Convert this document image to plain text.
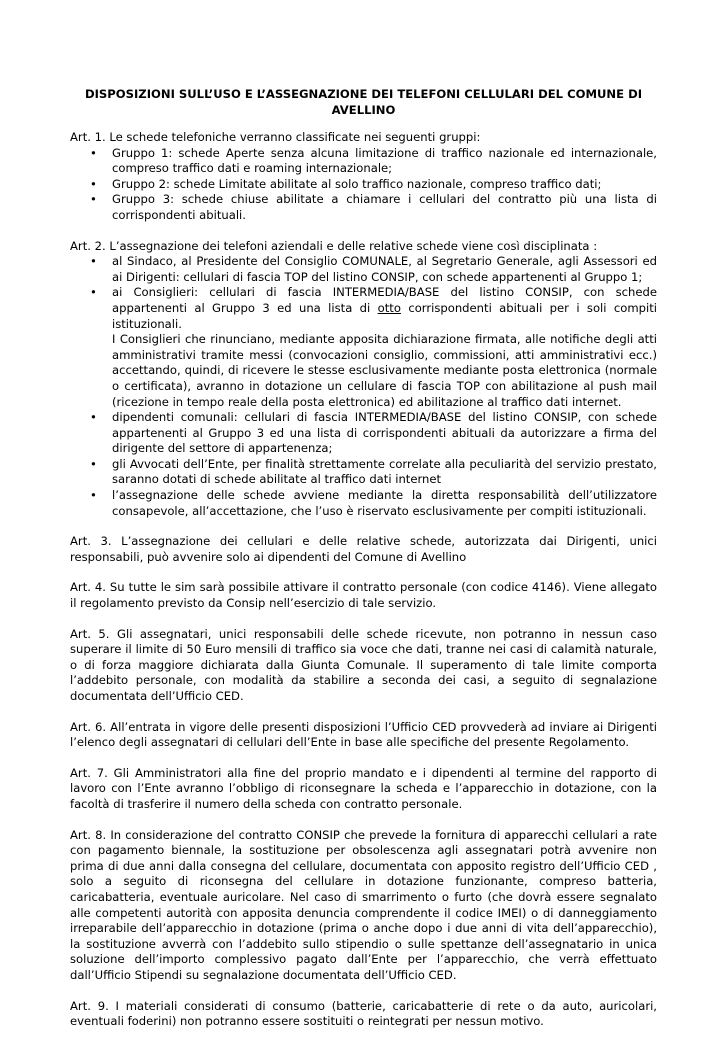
DISPOSIZIONI SULL’USO E L’ASSEGNAZIONE DEI TELEFONI CELLULARI DEL COMUNE DI AVELLINO

Art. 1. Le schede telefoniche verranno classificate nei seguenti gruppi:

• Gruppo 1: schede Aperte senza alcuna limitazione di traffico nazionale ed internazionale, compreso traffico dati e roaming internazionale;
• Gruppo 2: schede Limitate abilitate al solo traffico nazionale, compreso traffico dati;
• Gruppo 3: schede chiuse abilitate a chiamare i cellulari del contratto più una lista di corrispondenti abituali.

Art. 2. L’assegnazione dei telefoni aziendali e delle relative schede viene così disciplinata :

• al Sindaco, al Presidente del Consiglio COMUNALE, al Segretario Generale, agli Assessori ed ai Dirigenti: cellulari di fascia TOP del listino CONSIP, con schede appartenenti al Gruppo 1;
• ai Consiglieri: cellulari di fascia INTERMEDIA/BASE del listino CONSIP, con schede appartenenti al Gruppo 3 ed una lista di otto corrispondenti abituali per i soli compiti istituzionali.
I Consiglieri che rinunciano, mediante apposita dichiarazione firmata, alle notifiche degli atti amministrativi tramite messi (convocazioni consiglio, commissioni, atti amministrativi ecc.) accettando, quindi, di ricevere le stesse esclusivamente mediante posta elettronica (normale o certificata), avranno in dotazione un cellulare di fascia TOP con abilitazione al push mail (ricezione in tempo reale della posta elettronica) ed abilitazione al traffico dati internet.
• dipendenti comunali: cellulari di fascia INTERMEDIA/BASE del listino CONSIP, con schede appartenenti al Gruppo 3 ed una lista di corrispondenti abituali da autorizzare a firma del dirigente del settore di appartenenza;
• gli Avvocati dell’Ente, per finalità strettamente correlate alla peculiarità del servizio prestato, saranno dotati di schede abilitate al traffico dati internet
• l’assegnazione delle schede avviene mediante la diretta responsabilità dell’utilizzatore consapevole, all’accettazione, che l’uso è riservato esclusivamente per compiti istituzionali.
Art. 3. L’assegnazione dei cellulari e delle relative schede, autorizzata dai Dirigenti, unici responsabili, può avvenire solo ai dipendenti del Comune di Avellino
Art. 4. Su tutte le sim sarà possibile attivare il contratto personale (con codice 4146). Viene allegato il regolamento previsto da Consip nell’esercizio di tale servizio.
Art. 5. Gli assegnatari, unici responsabili delle schede ricevute, non potranno in nessun caso superare il limite di 50 Euro mensili di traffico sia voce che dati, tranne nei casi di calamità naturale, o di forza maggiore dichiarata dalla Giunta Comunale. Il superamento di tale limite comporta l’addebito personale, con modalità da stabilire a seconda dei casi, a seguito di segnalazione documentata dell’Ufficio CED.
Art. 6. All’entrata in vigore delle presenti disposizioni l’Ufficio CED provvederà ad inviare ai Dirigenti l’elenco degli assegnatari di cellulari dell’Ente in base alle specifiche del presente Regolamento.
Art. 7. Gli Amministratori alla fine del proprio mandato e i dipendenti al termine del rapporto di lavoro con l’Ente avranno l’obbligo di riconsegnare la scheda e l’apparecchio in dotazione, con la facoltà di trasferire il numero della scheda con contratto personale.
Art. 8. In considerazione del contratto CONSIP che prevede la fornitura di apparecchi cellulari a rate con pagamento biennale, la sostituzione per obsolescenza agli assegnatari potrà avvenire non prima di due anni dalla consegna del cellulare, documentata con apposito registro dell’Ufficio CED , solo a seguito di riconsegna del cellulare in dotazione funzionante, compreso batteria, caricabatteria, eventuale auricolare. Nel caso di smarrimento o furto (che dovrà essere segnalato alle competenti autorità con apposita denuncia comprendente il codice IMEI) o di danneggiamento irreparabile dell’apparecchio in dotazione (prima o anche dopo i due anni di vita dell’apparecchio), la sostituzione avverrà con l’addebito sullo stipendio o sulle spettanze dell’assegnatario in unica soluzione dell’importo complessivo pagato dall’Ente per l’apparecchio, che verrà effettuato dall’Ufficio Stipendi su segnalazione documentata dell’Ufficio CED.
Art. 9. I materiali considerati di consumo (batterie, caricabatterie di rete o da auto, auricolari, eventuali foderini) non potranno essere sostituiti o reintegrati per nessun motivo.
